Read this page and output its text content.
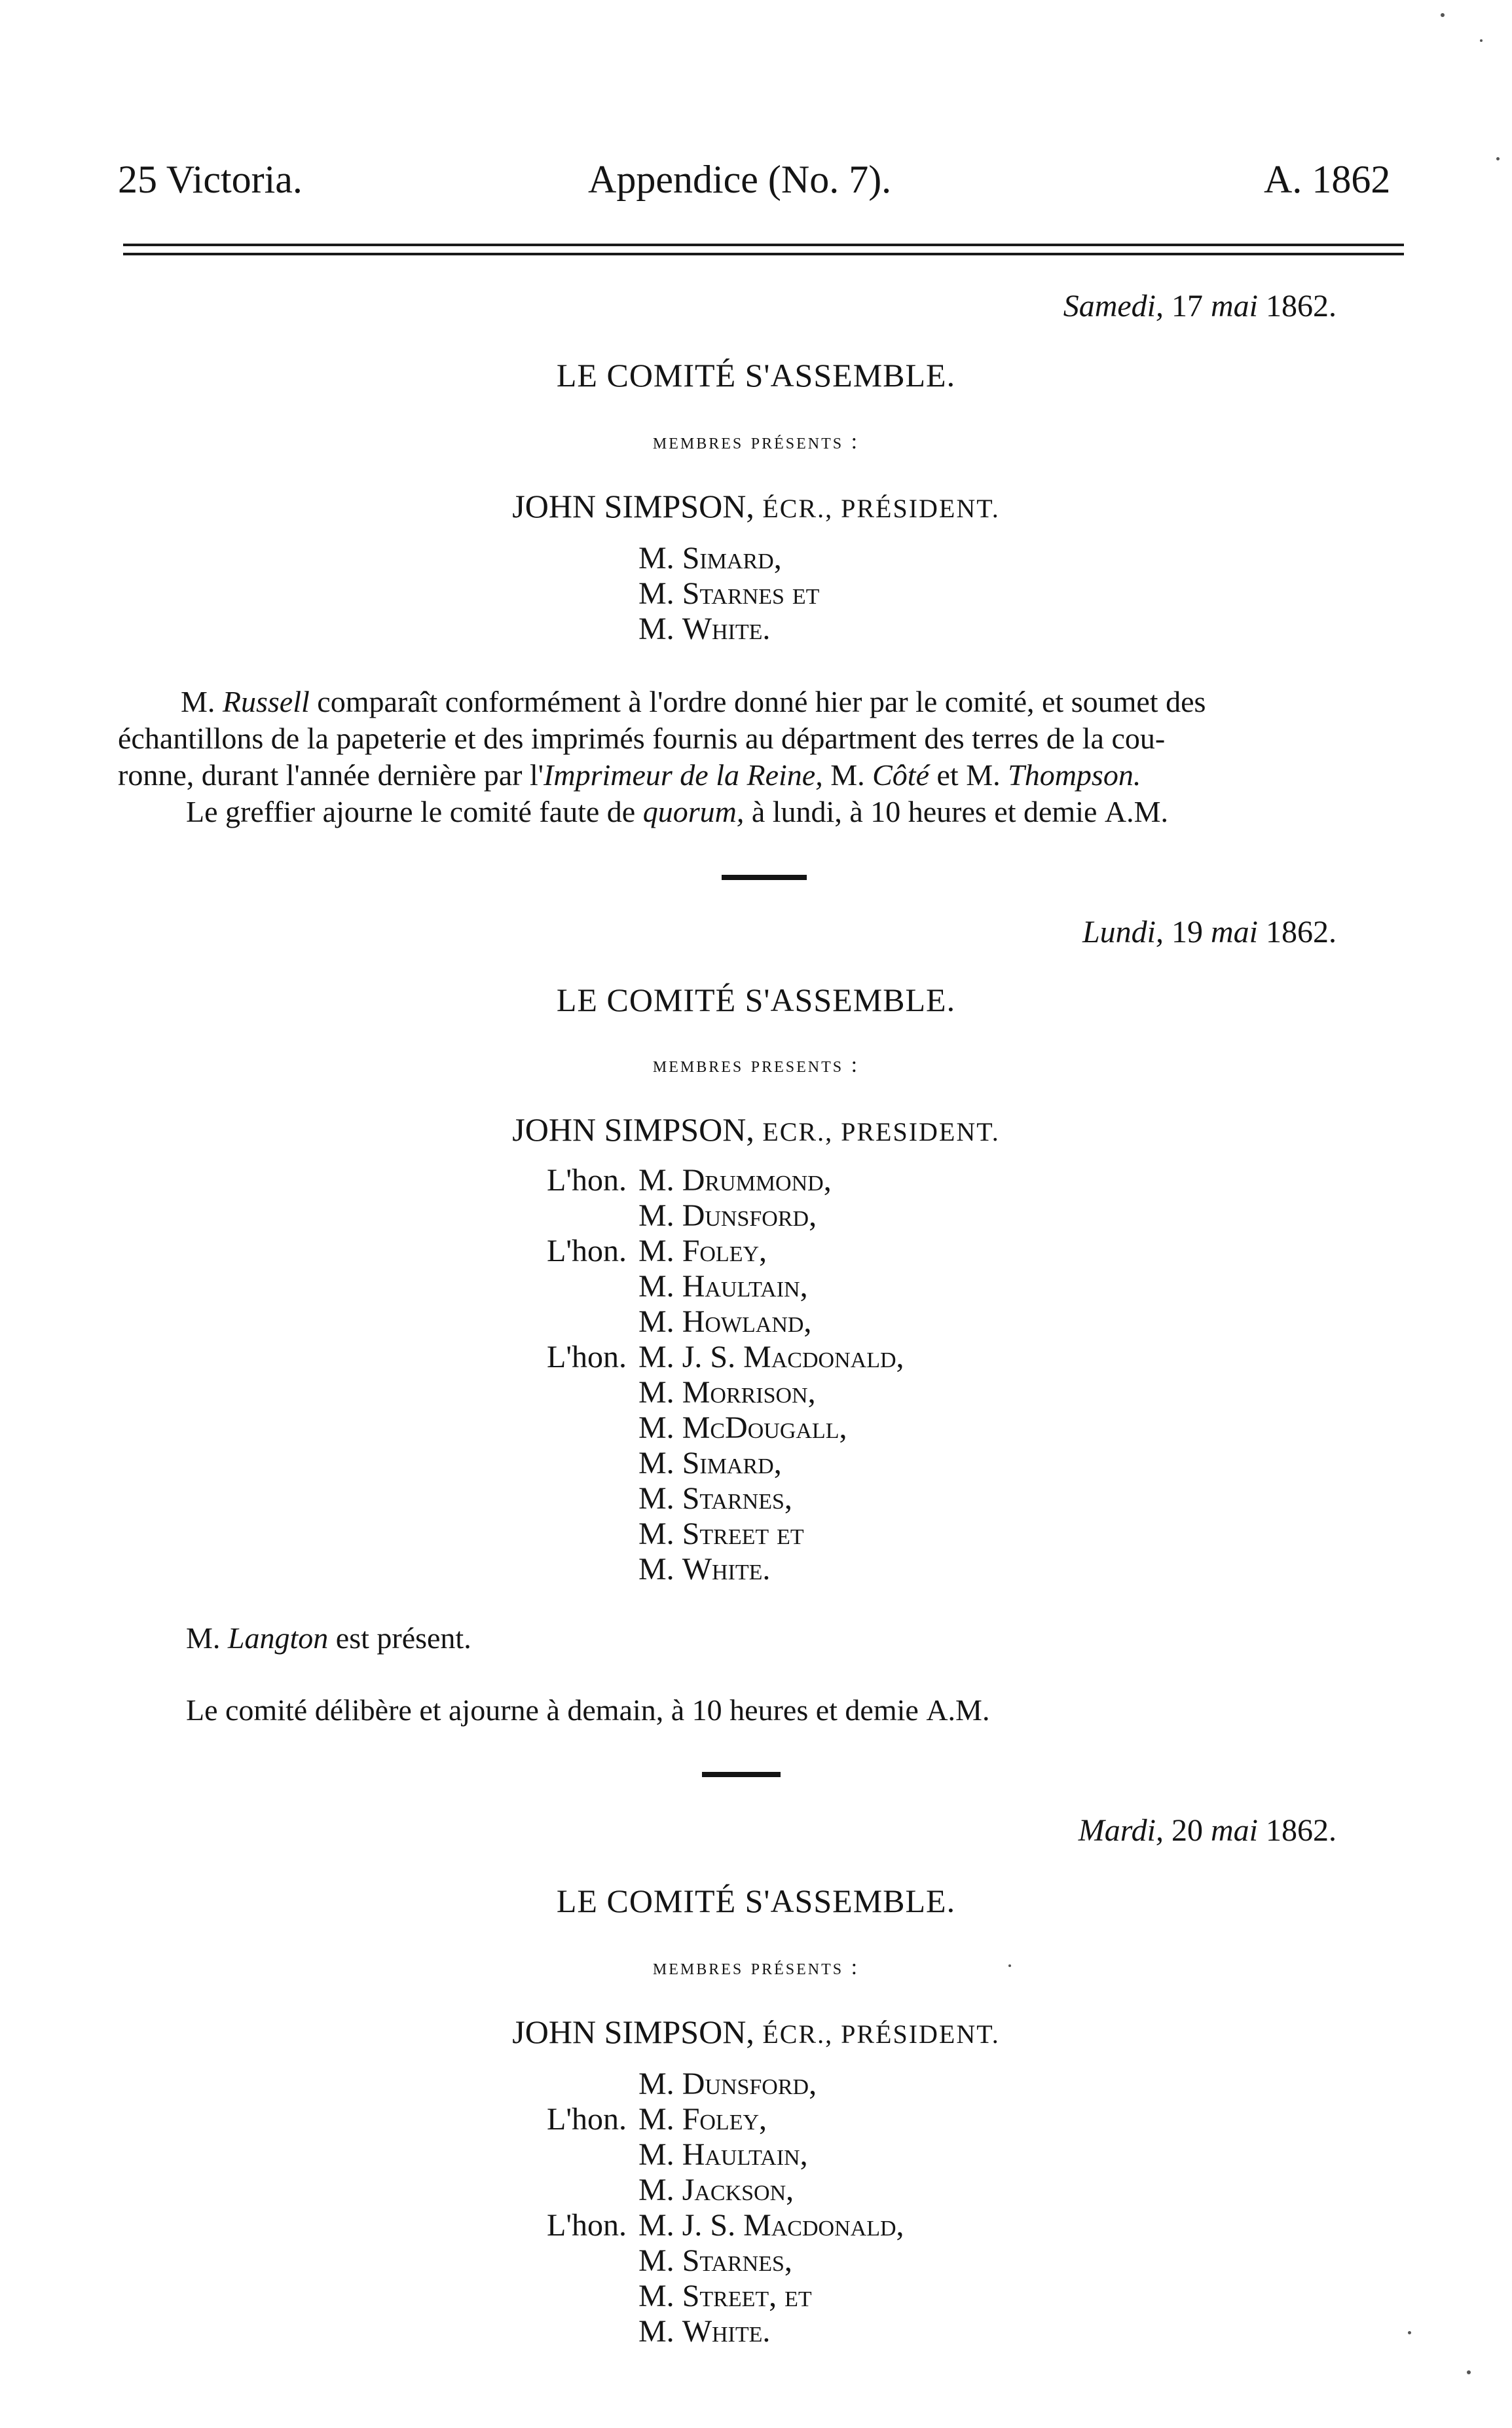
25 Victoria.	Appendice (No. 7).	A. 1862
Samedi, 17 mai 1862.
LE COMITÉ S'ASSEMBLE.
membres présents :
JOHN SIMPSON, ÉCR., PRÉSIDENT.
M.
Simard,
M.
Starnes et
M.
White.
M. Russell comparaît conformément à l'ordre donné hier par le comité, et soumet des
échantillons de la papeterie et des imprimés fournis au départment des terres de la cou-
ronne, durant l'année dernière par l'Imprimeur de la Reine, M. Côté et M. Thompson.
Le greffier ajourne le comité faute de quorum, à lundi, à 10 heures et demie A.M.
Lundi, 19 mai 1862.
LE COMITÉ S'ASSEMBLE.
membres presents :
JOHN SIMPSON, ECR., PRESIDENT.
L'hon. M.
Drummond,
M.
Dunsford,
L'hon. M.
Foley,
M.
Haultain,
M.
Howland,
L'hon. M.
J. S. Macdonald,
M.
Morrison,
M.
McDougall,
M.
Simard,
M.
Starnes,
M.
Street et
M.
White.
M. Langton est présent.
Le comité délibère et ajourne à demain, à 10 heures et demie A.M.
Mardi, 20 mai 1862.
LE COMITÉ S'ASSEMBLE.
membres présents :
JOHN SIMPSON, ÉCR., PRÉSIDENT.
M.
Dunsford,
L'hon. M.
Foley,
M.
Haultain,
M.
Jackson,
L'hon. M.
J. S. Macdonald,
M.
Starnes,
M.
Street, et
M.
White.
